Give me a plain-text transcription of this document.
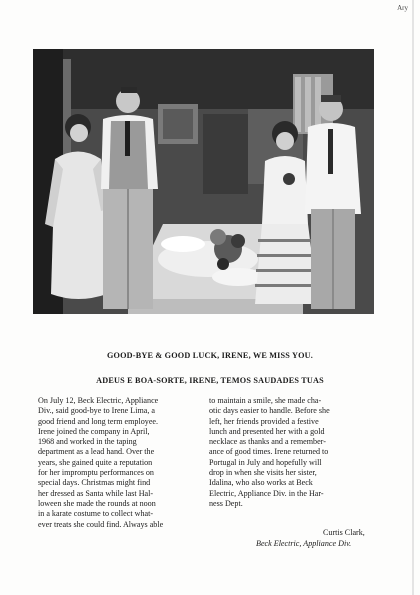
Ary
GOOD-BYE & GOOD LUCK, IRENE, WE MISS YOU.
ADEUS E BOA-SORTE, IRENE, TEMOS SAUDADES TUAS
On July 12, Beck Electric, Appliance
Div., said good-bye to Irene Lima, a
good friend and long term employee.
Irene joined the company in April,
1968 and worked in the taping
department as a lead hand. Over the
years, she gained quite a reputation
for her impromptu performances on
special days. Christmas might find
her dressed as Santa while last Hal-
loween she made the rounds at noon
in a karate costume to collect what-
ever treats she could find. Always able
to maintain a smile, she made cha-
otic days easier to handle. Before she
left, her friends provided a festive
lunch and presented her with a gold
necklace as thanks and a remember-
ance of good times. Irene returned to
Portugal in July and hopefully will
drop in when she visits her sister,
Idalina, who also works at Beck
Electric, Appliance Div. in the Har-
ness Dept.
Curtis Clark,
Beck Electric, Appliance Div.
